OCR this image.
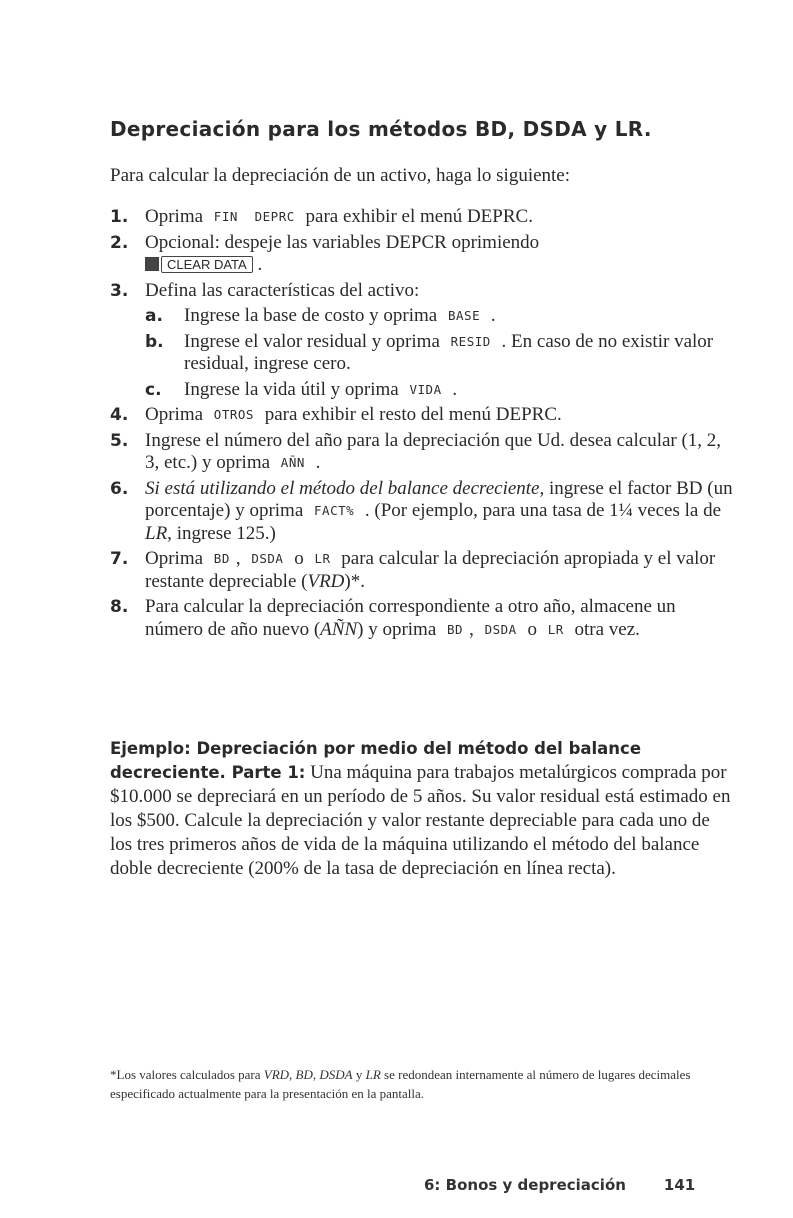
Depreciación para los métodos BD, DSDA y LR.

Para calcular la depreciación de un activo, haga lo siguiente:

1. Oprima FIN DEPRC para exhibir el menú DEPRC.
2. Opcional: despeje las variables DEPCR oprimiendo
CLEAR DATA .
3. Defina las características del activo:
a. Ingrese la base de costo y oprima BASE .
b. Ingrese el valor residual y oprima RESID . En caso de no existir valor residual, ingrese cero.
c. Ingrese la vida útil y oprima VIDA .
4. Oprima OTROS para exhibir el resto del menú DEPRC.
5. Ingrese el número del año para la depreciación que Ud. desea calcular (1, 2, 3, etc.) y oprima AÑN .
6. Si está utilizando el método del balance decreciente, ingrese el factor BD (un porcentaje) y oprima FACT% . (Por ejemplo, para una tasa de 1¼ veces la de LR, ingrese 125.)
7. Oprima BD , DSDA o LR para calcular la depreciación apropiada y el valor restante depreciable (VRD)*.
8. Para calcular la depreciación correspondiente a otro año, almacene un número de año nuevo (AÑN) y oprima BD , DSDA o LR otra vez.

Ejemplo: Depreciación por medio del método del balance decreciente. Parte 1: Una máquina para trabajos metalúrgicos comprada por $10.000 se depreciará en un período de 5 años. Su valor residual está estimado en los $500. Calcule la depreciación y valor restante depreciable para cada uno de los tres primeros años de vida de la máquina utilizando el método del balance doble decreciente (200% de la tasa de depreciación en línea recta).

*Los valores calculados para VRD, BD, DSDA y LR se redondean internamente al número de lugares decimales especificado actualmente para la presentación en la pantalla.

6: Bonos y depreciación	141
